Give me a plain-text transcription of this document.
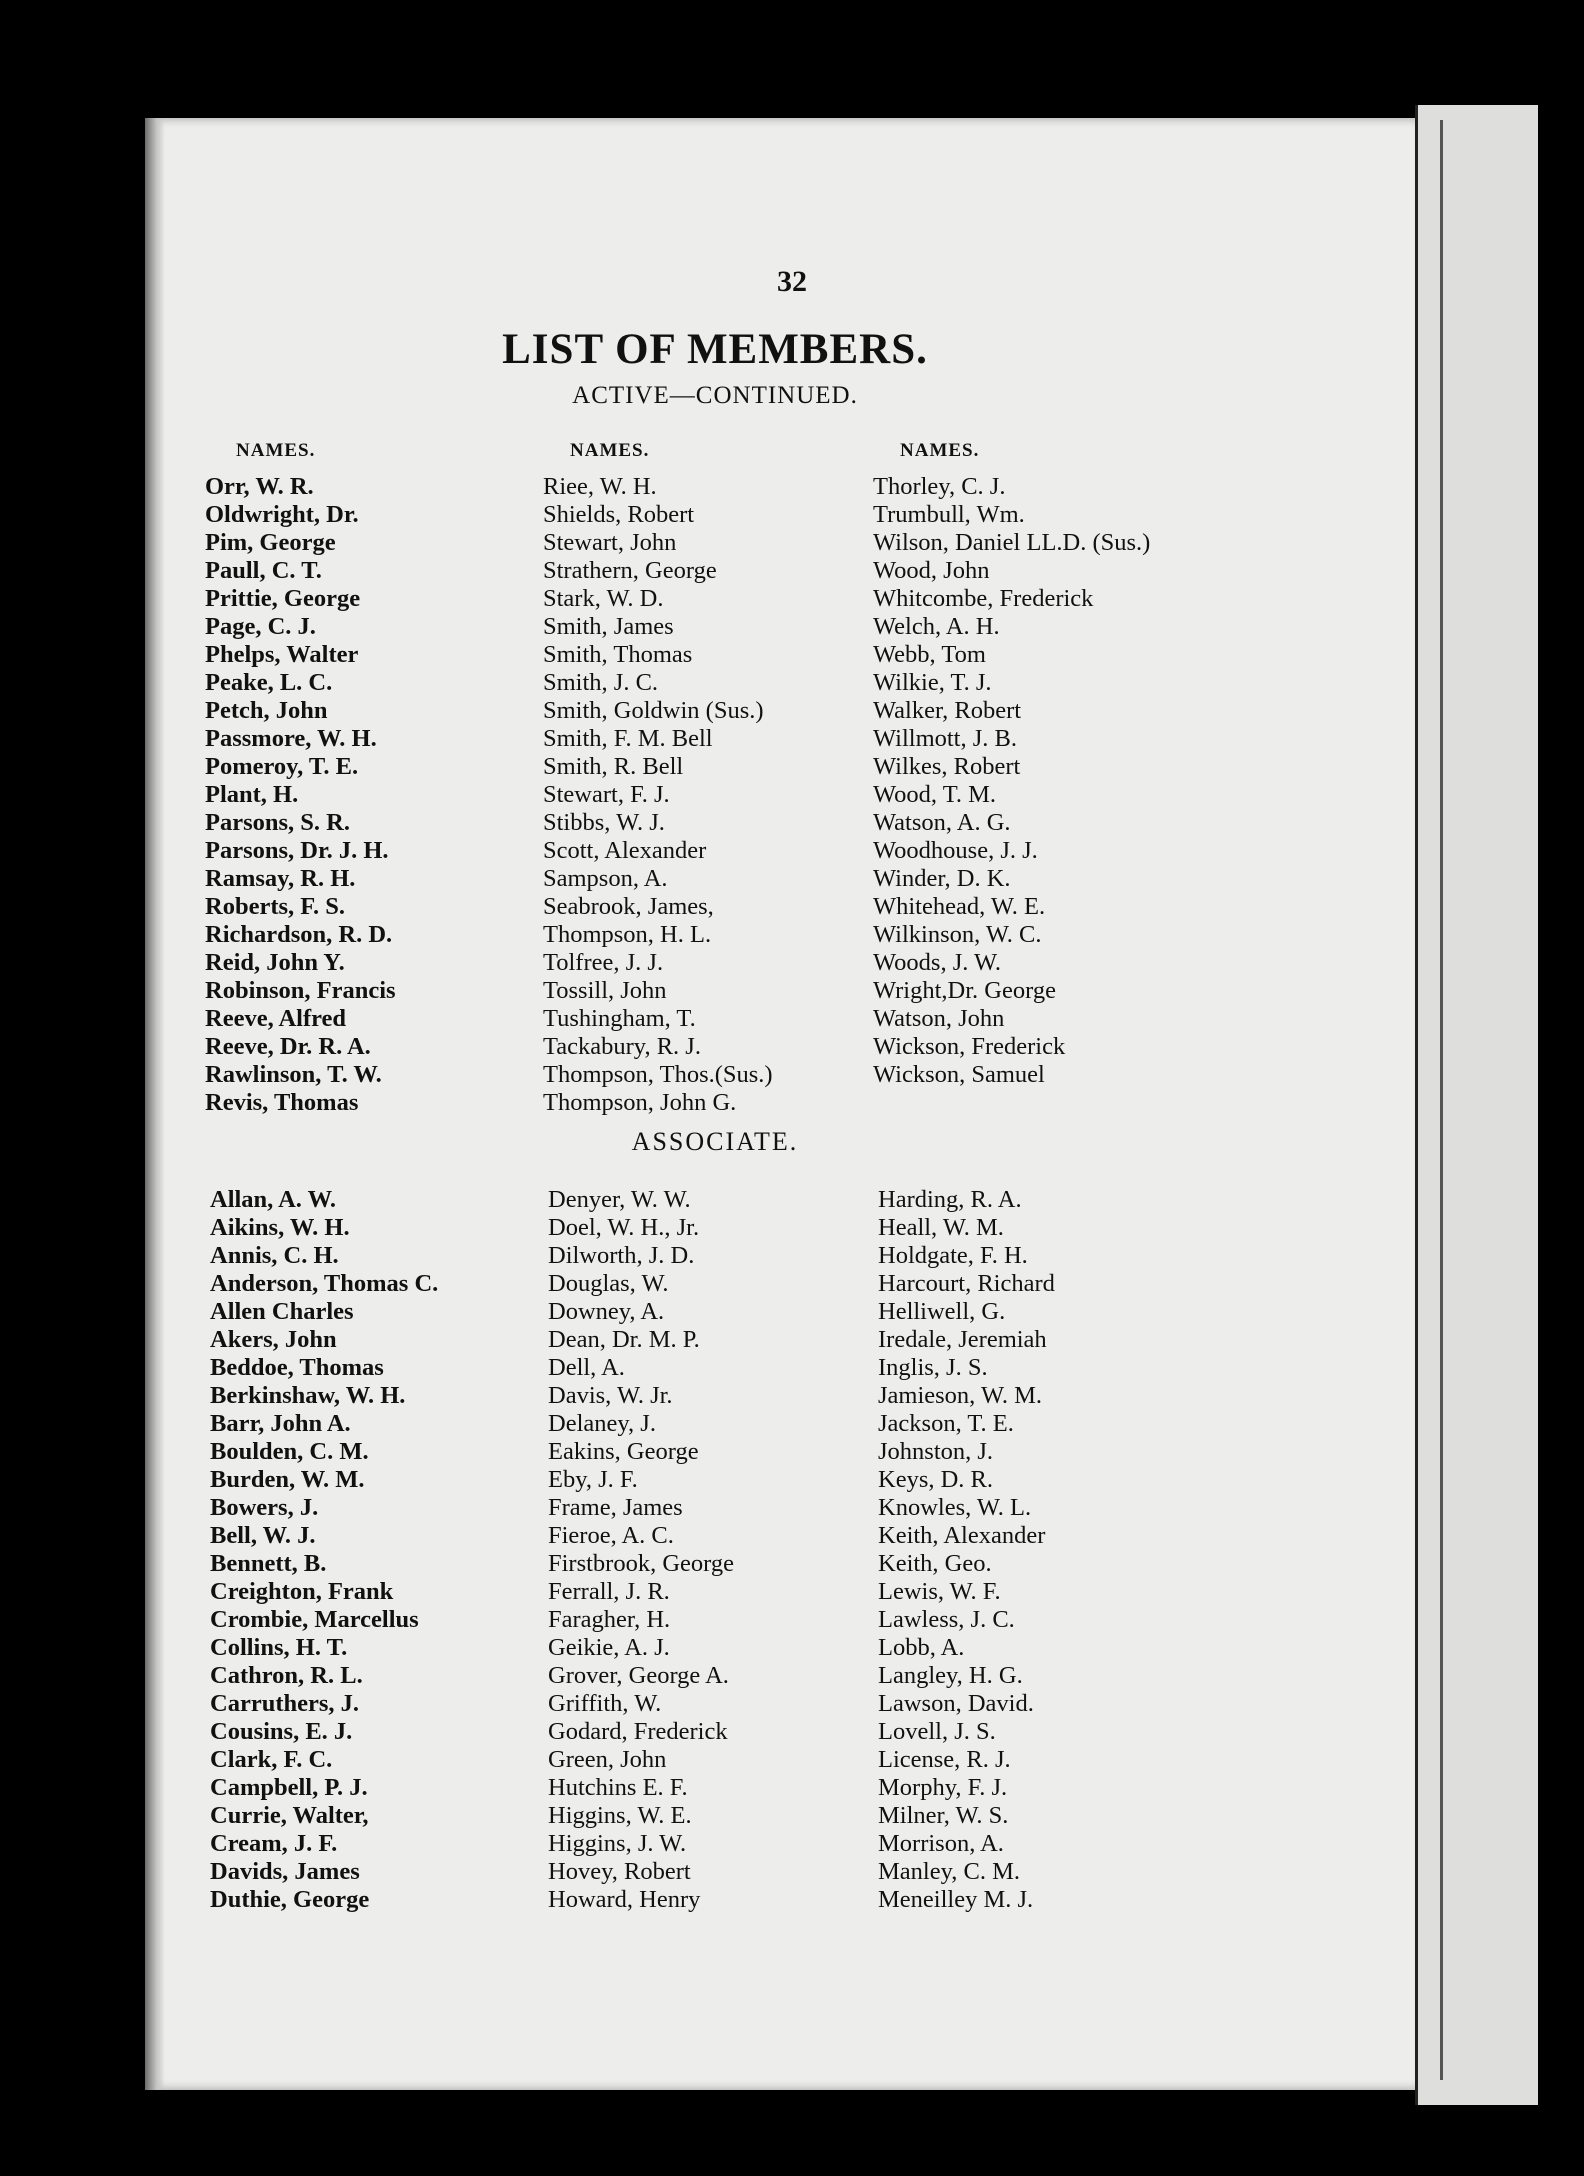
32
LIST OF MEMBERS.
ACTIVE—CONTINUED.
NAMES.	NAMES.	NAMES.
Orr, W. R.
Oldwright, Dr.
Pim, George
Paull, C. T.
Prittie, George
Page, C. J.
Phelps, Walter
Peake, L. C.
Petch, John
Passmore, W. H.
Pomeroy, T. E.
Plant, H.
Parsons, S. R.
Parsons, Dr. J. H.
Ramsay, R. H.
Roberts, F. S.
Richardson, R. D.
Reid, John Y.
Robinson, Francis
Reeve, Alfred
Reeve, Dr. R. A.
Rawlinson, T. W.
Revis, Thomas
Riee, W. H.
Shields, Robert
Stewart, John
Strathern, George
Stark, W. D.
Smith, James
Smith, Thomas
Smith, J. C.
Smith, Goldwin (Sus.)
Smith, F. M. Bell
Smith, R. Bell
Stewart, F. J.
Stibbs, W. J.
Scott, Alexander
Sampson, A.
Seabrook, James,
Thompson, H. L.
Tolfree, J. J.
Tossill, John
Tushingham, T.
Tackabury, R. J.
Thompson, Thos.(Sus.)
Thompson, John G.
Thorley, C. J.
Trumbull, Wm.
Wilson, Daniel LL.D. (Sus.)
Wood, John
Whitcombe, Frederick
Welch, A. H.
Webb, Tom
Wilkie, T. J.
Walker, Robert
Willmott, J. B.
Wilkes, Robert
Wood, T. M.
Watson, A. G.
Woodhouse, J. J.
Winder, D. K.
Whitehead, W. E.
Wilkinson, W. C.
Woods, J. W.
Wright,Dr. George
Watson, John
Wickson, Frederick
Wickson, Samuel
ASSOCIATE.
Allan, A. W.
Aikins, W. H.
Annis, C. H.
Anderson, Thomas C.
Allen Charles
Akers, John
Beddoe, Thomas
Berkinshaw, W. H.
Barr, John A.
Boulden, C. M.
Burden, W. M.
Bowers, J.
Bell, W. J.
Bennett, B.
Creighton, Frank
Crombie, Marcellus
Collins, H. T.
Cathron, R. L.
Carruthers, J.
Cousins, E. J.
Clark, F. C.
Campbell, P. J.
Currie, Walter,
Cream, J. F.
Davids, James
Duthie, George
Denyer, W. W.
Doel, W. H., Jr.
Dilworth, J. D.
Douglas, W.
Downey, A.
Dean, Dr. M. P.
Dell, A.
Davis, W. Jr.
Delaney, J.
Eakins, George
Eby, J. F.
Frame, James
Fieroe, A. C.
Firstbrook, George
Ferrall, J. R.
Faragher, H.
Geikie, A. J.
Grover, George A.
Griffith, W.
Godard, Frederick
Green, John
Hutchins E. F.
Higgins, W. E.
Higgins, J. W.
Hovey, Robert
Howard, Henry
Harding, R. A.
Heall, W. M.
Holdgate, F. H.
Harcourt, Richard
Helliwell, G.
Iredale, Jeremiah
Inglis, J. S.
Jamieson, W. M.
Jackson, T. E.
Johnston, J.
Keys, D. R.
Knowles, W. L.
Keith, Alexander
Keith, Geo.
Lewis, W. F.
Lawless, J. C.
Lobb, A.
Langley, H. G.
Lawson, David.
Lovell, J. S.
License, R. J.
Morphy, F. J.
Milner, W. S.
Morrison, A.
Manley, C. M.
Meneilley M. J.
